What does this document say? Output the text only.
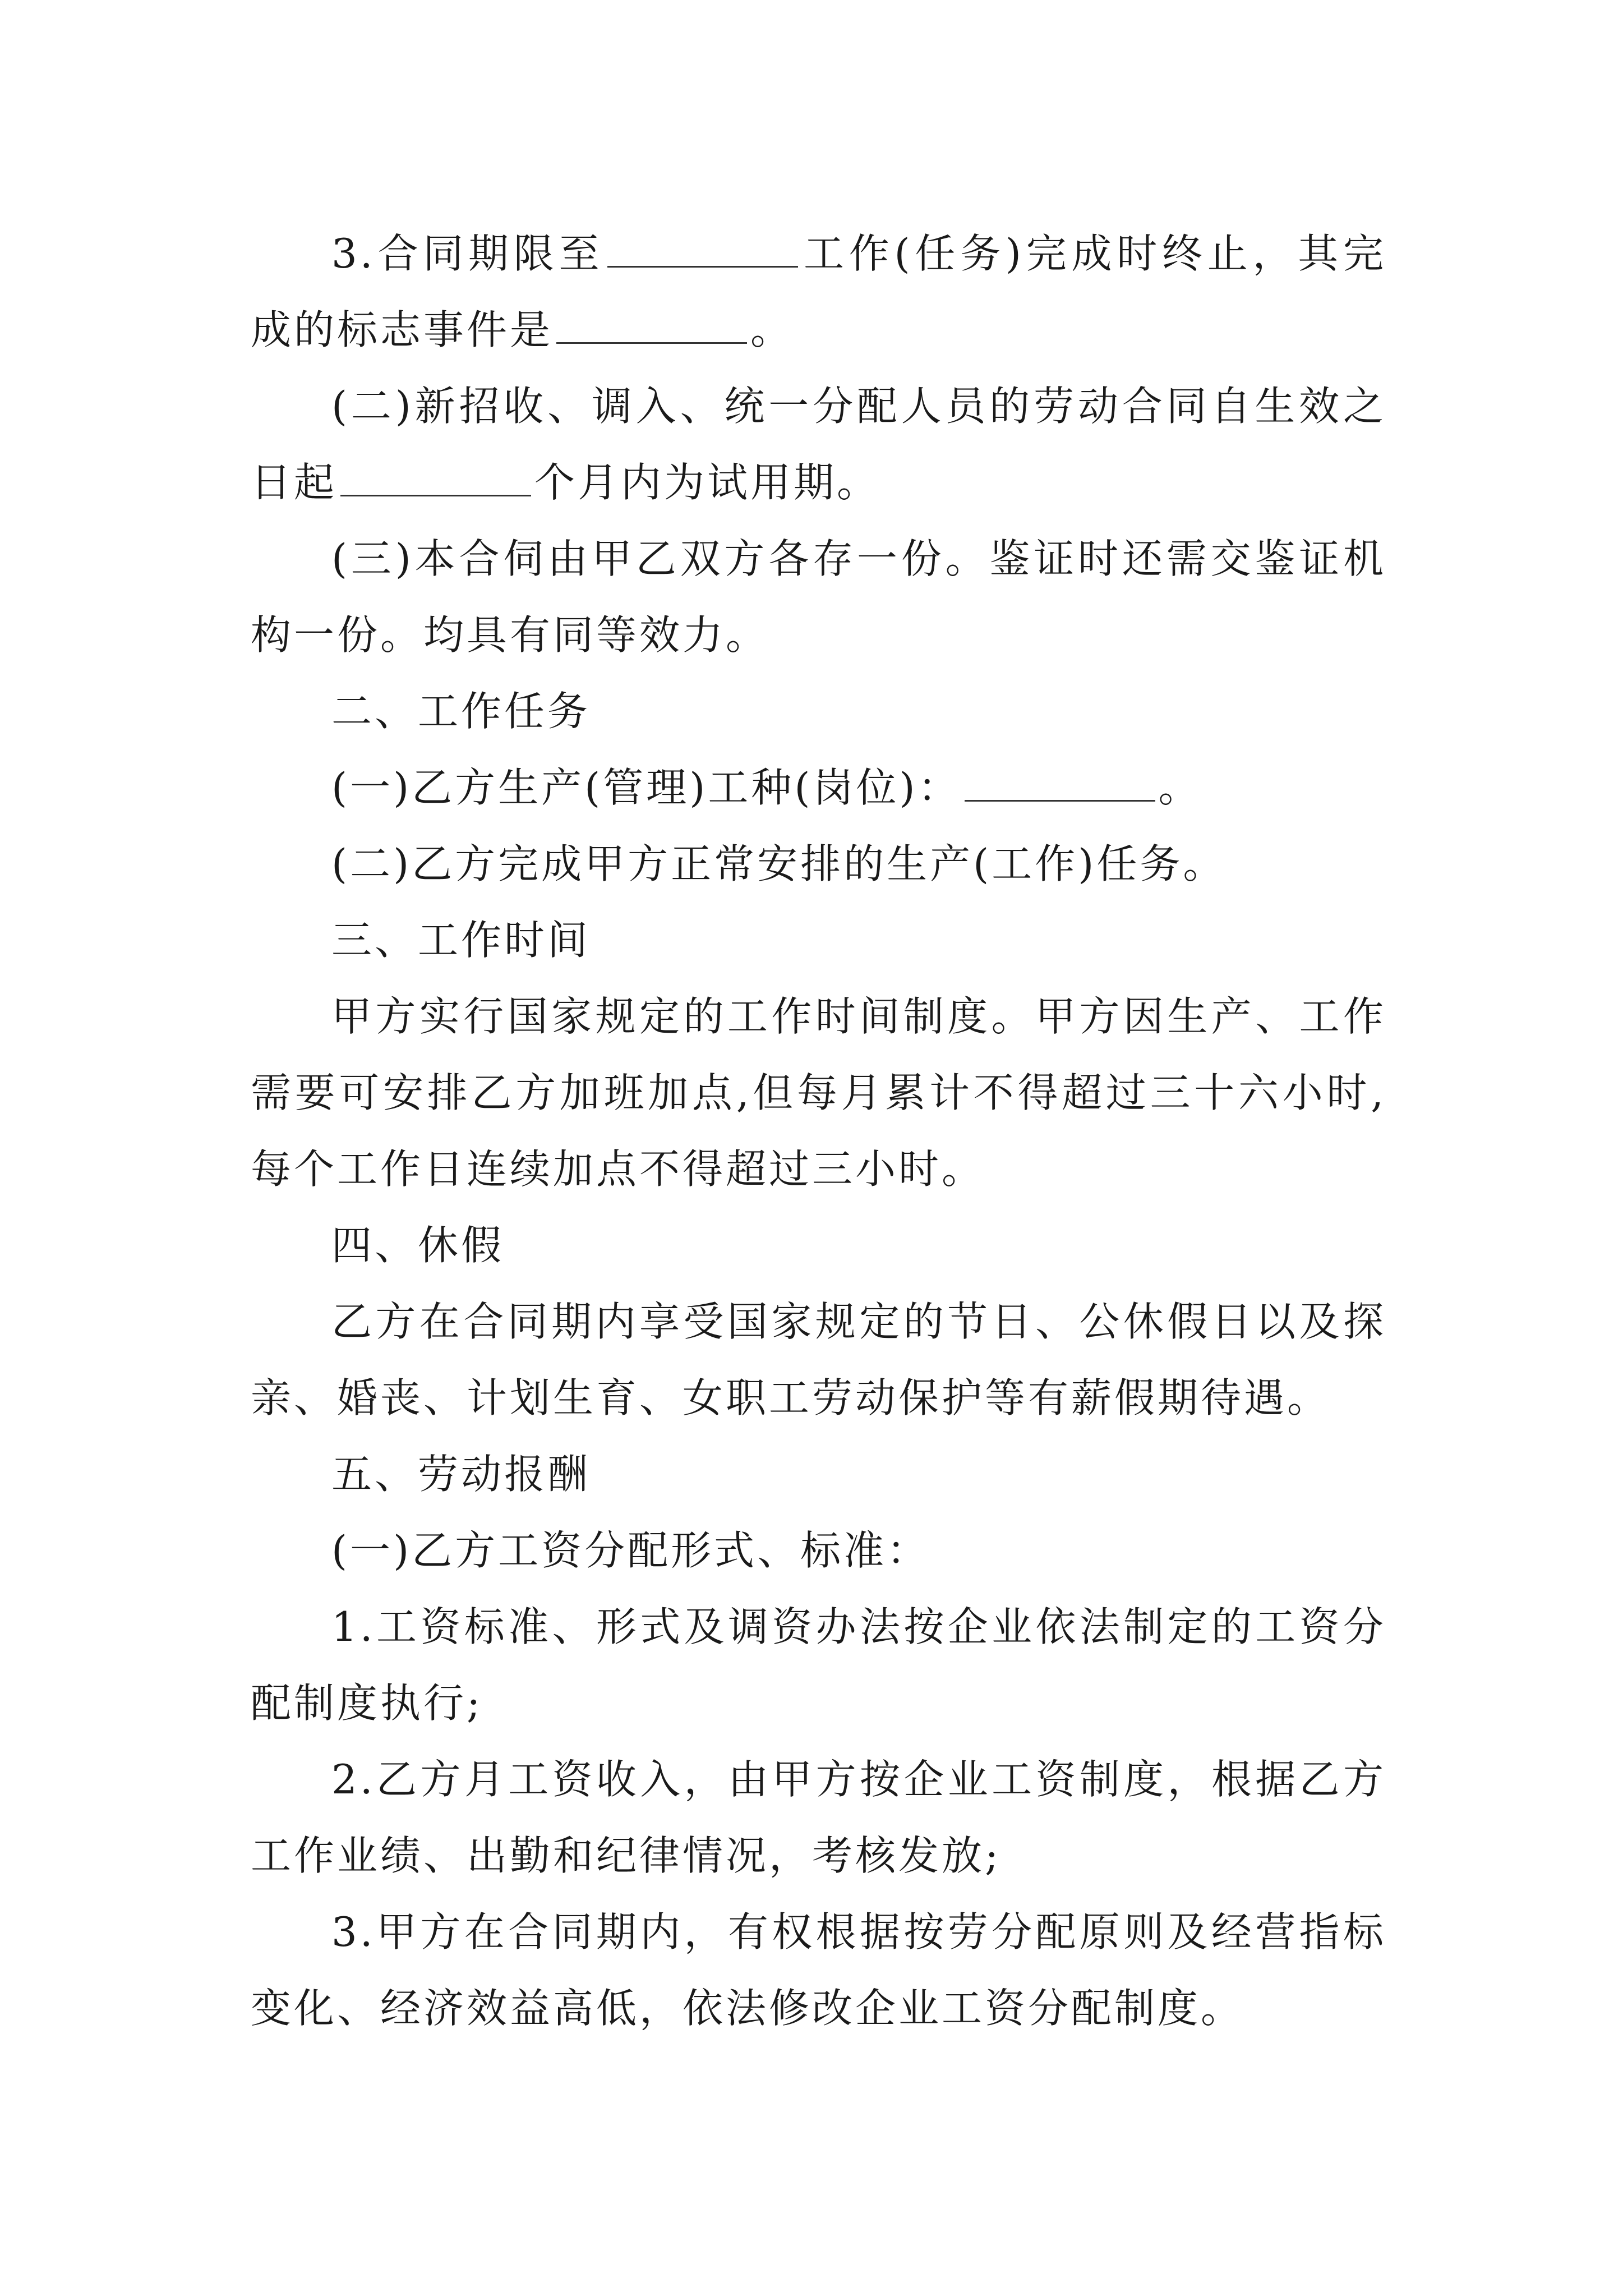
3.合同期限至	工作(任务)完成时终止，其完成的标志事件是	。

(二)新招收、调入、统一分配人员的劳动合同自生效之日起	个月内为试用期。

(三)本合伺由甲乙双方各存一份。鉴证时还需交鉴证机构一份。均具有同等效力。

二、工作任务

(一)乙方生产(管理)工种(岗位)：	。

(二)乙方完成甲方正常安排的生产(工作)任务。

三、工作时间

甲方实行国家规定的工作时间制度。甲方因生产、工作需要可安排乙方加班加点,但每月累计不得超过三十六小时,每个工作日连续加点不得超过三小时。

四、休假

乙方在合同期内享受国家规定的节日、公休假日以及探亲、婚丧、计划生育、女职工劳动保护等有薪假期待遇。

五、劳动报酬

(一)乙方工资分配形式、标准：

1.工资标准、形式及调资办法按企业依法制定的工资分配制度执行;

2.乙方月工资收入，由甲方按企业工资制度，根据乙方工作业绩、出勤和纪律情况，考核发放;

3.甲方在合同期内，有权根据按劳分配原则及经营指标变化、经济效益高低，依法修改企业工资分配制度。
